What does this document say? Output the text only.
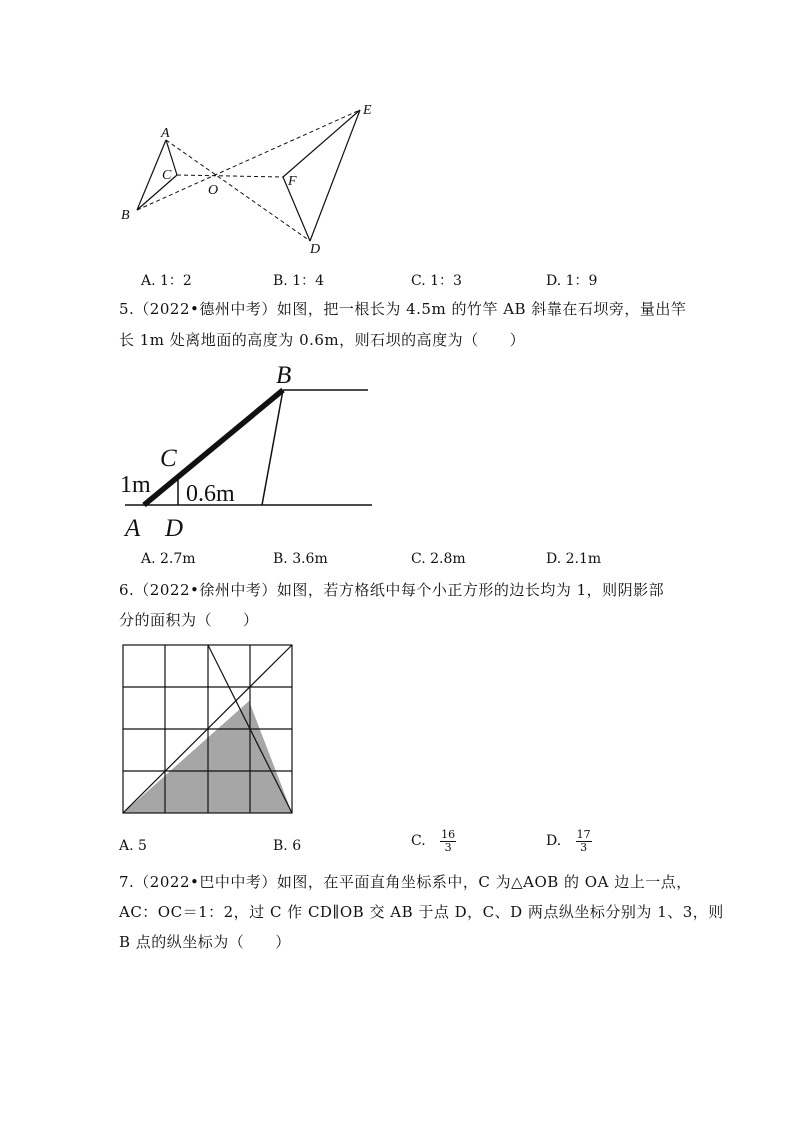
A
B
C
O
E
F
D
A. 1：2	B. 1：4	C. 1：3	D. 1：9
5.（2022•德州中考）如图，把一根长为 4.5m 的竹竿 AB 斜靠在石坝旁，量出竿
长 1m 处离地面的高度为 0.6m，则石坝的高度为（　　）
B
C
A D
1m 0.6m
A. 2.7m	B. 3.6m	C. 2.8m	D. 2.1m
6.（2022•徐州中考）如图，若方格纸中每个小正方形的边长均为 1，则阴影部
分的面积为（　　）
A. 5	B. 6	C. $\frac{16}{3}$	D. $\frac{17}{3}$
7.（2022•巴中中考）如图，在平面直角坐标系中，C 为△AOB 的 OA 边上一点，
AC：OC＝1：2，过 C 作 CD∥OB 交 AB 于点 D，C、D 两点纵坐标分别为 1、3，则
B 点的纵坐标为（　　）
